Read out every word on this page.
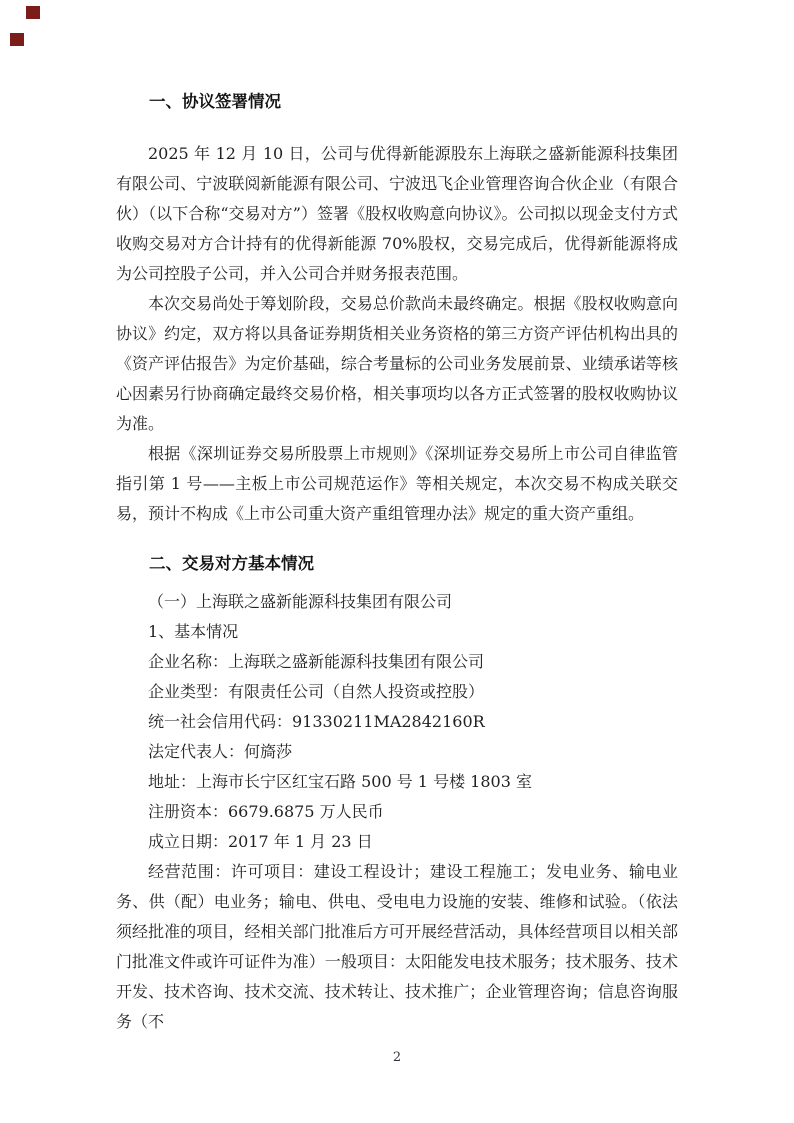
一、协议签署情况

2025 年 12 月 10 日，公司与优得新能源股东上海联之盛新能源科技集团有限公司、宁波联阅新能源有限公司、宁波迅飞企业管理咨询合伙企业（有限合伙）（以下合称“交易对方”）签署《股权收购意向协议》。公司拟以现金支付方式收购交易对方合计持有的优得新能源 70%股权，交易完成后，优得新能源将成为公司控股子公司，并入公司合并财务报表范围。

本次交易尚处于筹划阶段，交易总价款尚未最终确定。根据《股权收购意向协议》约定，双方将以具备证券期货相关业务资格的第三方资产评估机构出具的《资产评估报告》为定价基础，综合考量标的公司业务发展前景、业绩承诺等核心因素另行协商确定最终交易价格，相关事项均以各方正式签署的股权收购协议为准。

根据《深圳证券交易所股票上市规则》《深圳证券交易所上市公司自律监管指引第 1 号——主板上市公司规范运作》等相关规定，本次交易不构成关联交易，预计不构成《上市公司重大资产重组管理办法》规定的重大资产重组。

二、交易对方基本情况

（一）上海联之盛新能源科技集团有限公司

1、基本情况

企业名称：上海联之盛新能源科技集团有限公司

企业类型：有限责任公司（自然人投资或控股）

统一社会信用代码：91330211MA2842160R

法定代表人：何旖莎

地址：上海市长宁区红宝石路 500 号 1 号楼 1803 室

注册资本：6679.6875 万人民币

成立日期：2017 年 1 月 23 日

经营范围：许可项目：建设工程设计；建设工程施工；发电业务、输电业务、供（配）电业务；输电、供电、受电电力设施的安装、维修和试验。（依法须经批准的项目，经相关部门批准后方可开展经营活动，具体经营项目以相关部门批准文件或许可证件为准）一般项目：太阳能发电技术服务；技术服务、技术开发、技术咨询、技术交流、技术转让、技术推广；企业管理咨询；信息咨询服务（不

2
